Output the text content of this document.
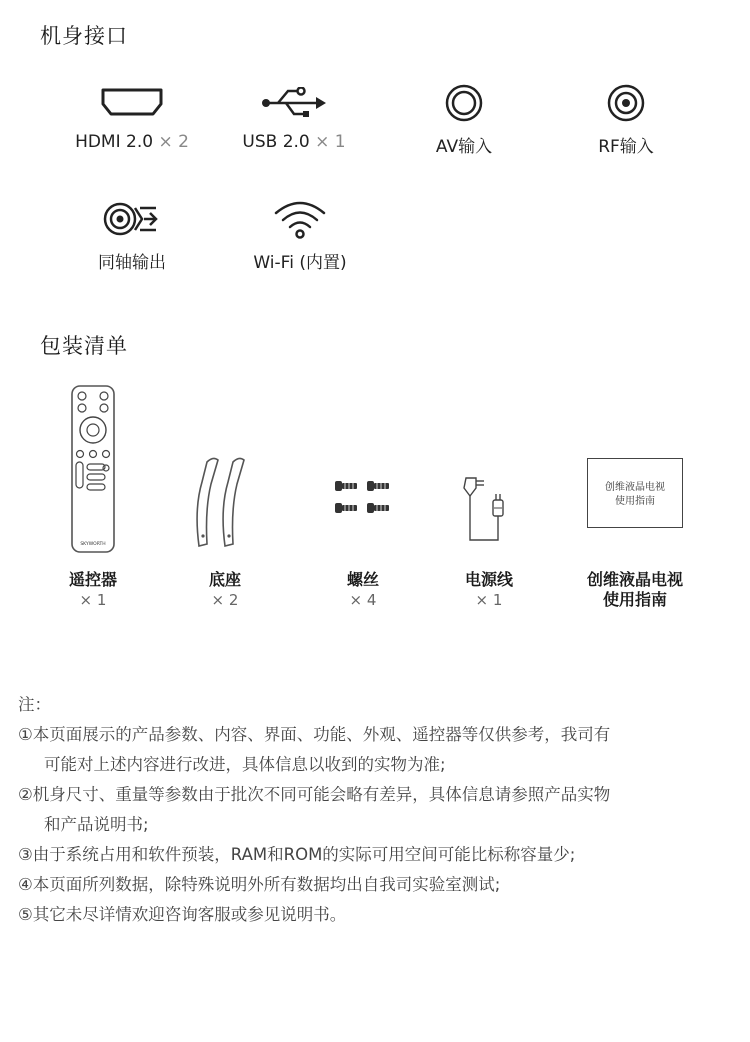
机身接口
HDMI 2.0 × 2	USB 2.0 × 1	AV输入	RF输入
同轴输出	Wi-Fi (内置)
包装清单
SKYWORTH
遥控器
× 1
底座
× 2
螺丝
× 4
电源线
× 1
创维液晶电视
使用指南
创维液晶电视
使用指南
注：
①本页面展示的产品参数、内容、界面、功能、外观、遥控器等仅供参考，我司有
可能对上述内容进行改进，具体信息以收到的实物为准;
②机身尺寸、重量等参数由于批次不同可能会略有差异，具体信息请参照产品实物
和产品说明书;
③由于系统占用和软件预装，RAM和ROM的实际可用空间可能比标称容量少;
④本页面所列数据，除特殊说明外所有数据均出自我司实验室测试;
⑤其它未尽详情欢迎咨询客服或参见说明书。
